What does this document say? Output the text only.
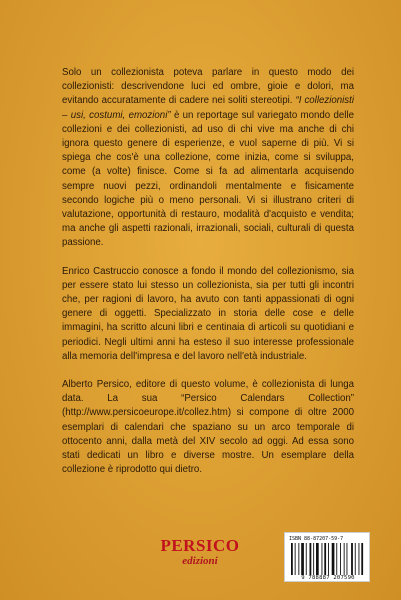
Solo un collezionista poteva parlare in questo modo dei collezionisti: descrivendone luci ed ombre, gioie e dolori, ma evitando accuratamente di cadere nei soliti stereotipi. “I collezionisti – usi, costumi, emozioni” è un reportage sul variegato mondo delle collezioni e dei collezionisti, ad uso di chi vive ma anche di chi ignora questo genere di esperienze, e vuol saperne di più. Vi si spiega che cos'è una collezione, come inizia, come si sviluppa, come (a volte) finisce. Come si fa ad alimentarla acquisendo sempre nuovi pezzi, ordinandoli mentalmente e fisicamente secondo logiche più o meno personali. Vi si illustrano criteri di valutazione, opportunità di restauro, modalità d'acquisto e vendita; ma anche gli aspetti razionali, irrazionali, sociali, culturali di questa passione.

Enrico Castruccio conosce a fondo il mondo del collezionismo, sia per essere stato lui stesso un collezionista, sia per tutti gli incontri che, per ragioni di lavoro, ha avuto con tanti appassionati di ogni genere di oggetti. Specializzato in storia delle cose e delle immagini, ha scritto alcuni libri e centinaia di articoli su quotidiani e periodici. Negli ultimi anni ha esteso il suo interesse professionale alla memoria dell'impresa e del lavoro nell'età industriale.

Alberto Persico, editore di questo volume, è collezionista di lunga data. La sua “Persico Calendars Collection” (http://www.persicoeurope.it/collez.htm) si compone di oltre 2000 esemplari di calendari che spaziano su un arco temporale di ottocento anni, dalla metà del XIV secolo ad oggi. Ad essa sono stati dedicati un libro e diverse mostre. Un esemplare della collezione è riprodotto qui dietro.

PERSICO
edizioni
ISBN 88-87207-59-7
9 788887 207590
